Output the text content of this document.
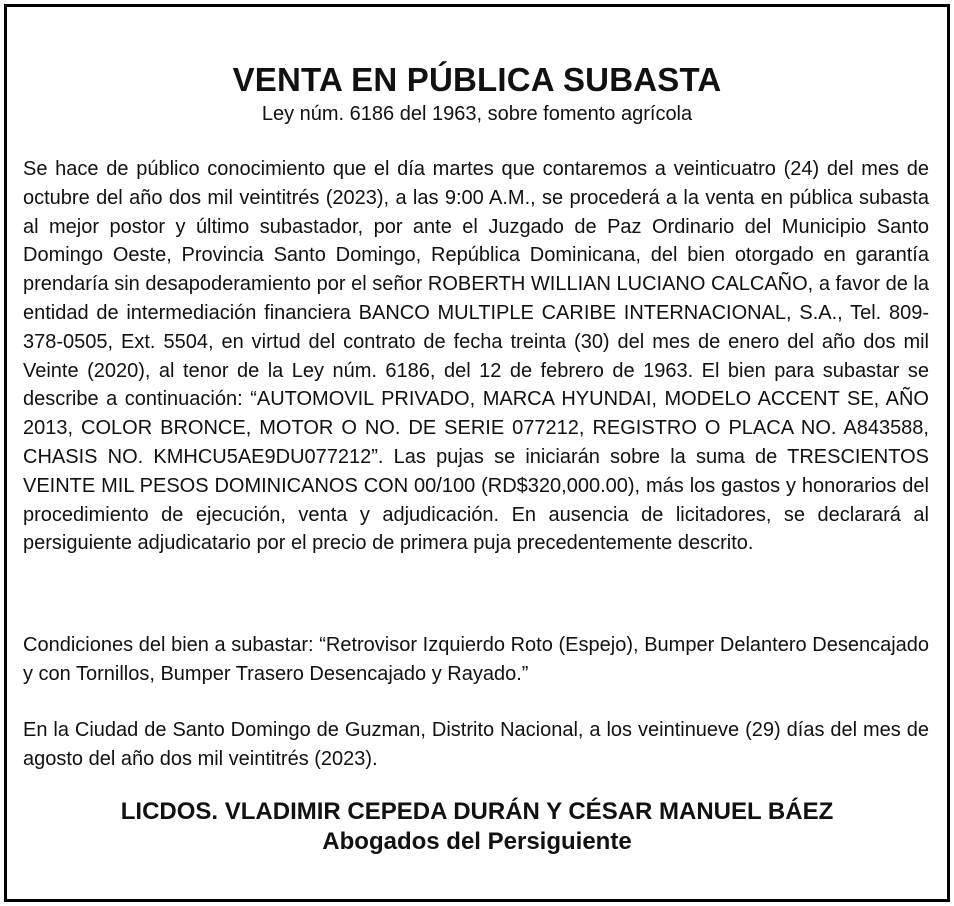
VENTA EN PÚBLICA SUBASTA
Ley núm. 6186 del 1963, sobre fomento agrícola

Se hace de público conocimiento que el día martes que contaremos a veinticuatro (24) del mes de octubre del año dos mil veintitrés (2023), a las 9:00 A.M., se procederá a la venta en pública subasta al mejor postor y último subastador, por ante el Juzgado de Paz Ordinario del Municipio Santo Domingo Oeste, Provincia Santo Domingo, República Dominicana, del bien otorgado en garantía prendaría sin desapoderamiento por el señor ROBERTH WILLIAN LUCIANO CALCAÑO, a favor de la entidad de intermediación financiera BANCO MULTIPLE CARIBE INTERNACIONAL, S.A., Tel. 809-378-0505, Ext. 5504, en virtud del contrato de fecha treinta (30) del mes de enero del año dos mil Veinte (2020), al tenor de la Ley núm. 6186, del 12 de febrero de 1963. El bien para subastar se describe a continuación: “AUTOMOVIL PRIVADO, MARCA HYUNDAI, MODELO ACCENT SE, AÑO 2013, COLOR BRONCE, MOTOR O NO. DE SERIE 077212, REGISTRO O PLACA NO. A843588, CHASIS NO. KMHCU5AE9DU077212”. Las pujas se iniciarán sobre la suma de TRESCIENTOS VEINTE MIL PESOS DOMINICANOS CON 00/100 (RD$320,000.00), más los gastos y honorarios del procedimiento de ejecución, venta y adjudicación. En ausencia de licitadores, se declarará al persiguiente adjudicatario por el precio de primera puja precedentemente descrito.

Condiciones del bien a subastar: “Retrovisor Izquierdo Roto (Espejo), Bumper Delantero Desencajado y con Tornillos, Bumper Trasero Desencajado y Rayado.”

En la Ciudad de Santo Domingo de Guzman, Distrito Nacional, a los veintinueve (29) días del mes de agosto del año dos mil veintitrés (2023).

LICDOS. VLADIMIR CEPEDA DURÁN Y CÉSAR MANUEL BÁEZ
Abogados del Persiguiente
